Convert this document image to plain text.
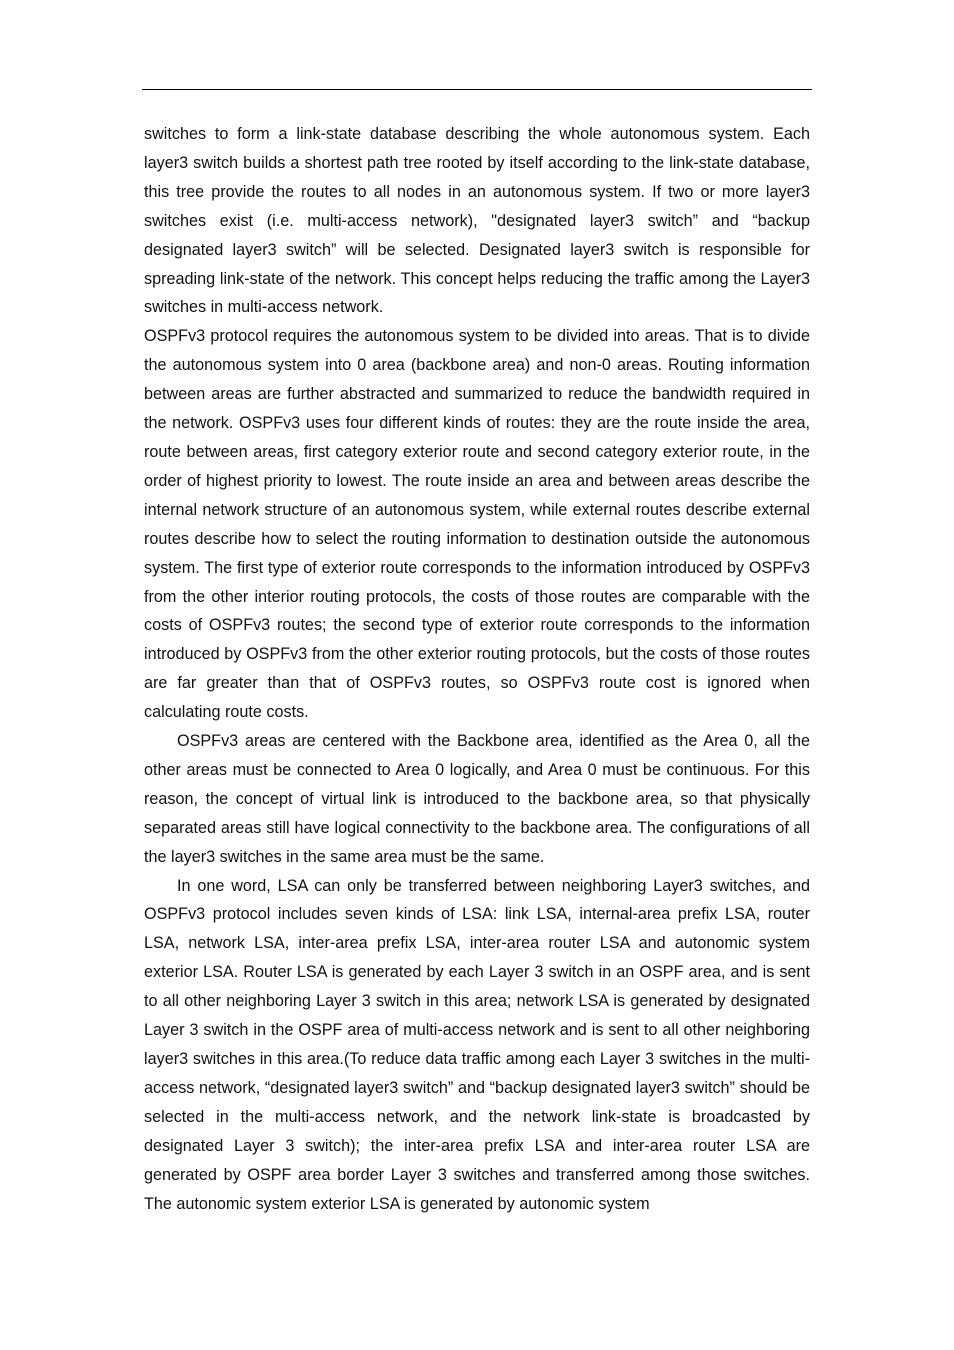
switches to form a link-state database describing the whole autonomous system. Each layer3 switch builds a shortest path tree rooted by itself according to the link-state database, this tree provide the routes to all nodes in an autonomous system. If two or more layer3 switches exist (i.e. multi-access network), "designated layer3 switch” and “backup designated layer3 switch” will be selected. Designated layer3 switch is responsible for spreading link-state of the network. This concept helps reducing the traffic among the Layer3 switches in multi-access network.

OSPFv3 protocol requires the autonomous system to be divided into areas. That is to divide the autonomous system into 0 area (backbone area) and non-0 areas. Routing information between areas are further abstracted and summarized to reduce the bandwidth required in the network. OSPFv3 uses four different kinds of routes: they are the route inside the area, route between areas, first category exterior route and second category exterior route, in the order of highest priority to lowest. The route inside an area and between areas describe the internal network structure of an autonomous system, while external routes describe external routes describe how to select the routing information to destination outside the autonomous system. The first type of exterior route corresponds to the information introduced by OSPFv3 from the other interior routing protocols, the costs of those routes are comparable with the costs of OSPFv3 routes; the second type of exterior route corresponds to the information introduced by OSPFv3 from the other exterior routing protocols, but the costs of those routes are far greater than that of OSPFv3 routes, so OSPFv3 route cost is ignored when calculating route costs.

OSPFv3 areas are centered with the Backbone area, identified as the Area 0, all the other areas must be connected to Area 0 logically, and Area 0 must be continuous. For this reason, the concept of virtual link is introduced to the backbone area, so that physically separated areas still have logical connectivity to the backbone area. The configurations of all the layer3 switches in the same area must be the same.

In one word, LSA can only be transferred between neighboring Layer3 switches, and OSPFv3 protocol includes seven kinds of LSA: link LSA, internal-area prefix LSA, router LSA, network LSA, inter-area prefix LSA, inter-area router LSA and autonomic system exterior LSA. Router LSA is generated by each Layer 3 switch in an OSPF area, and is sent to all other neighboring Layer 3 switch in this area; network LSA is generated by designated Layer 3 switch in the OSPF area of multi-access network and is sent to all other neighboring layer3 switches in this area.(To reduce data traffic among each Layer 3 switches in the multi-access network, “designated layer3 switch” and “backup designated layer3 switch” should be selected in the multi-access network, and the network link-state is broadcasted by designated Layer 3 switch); the inter-area prefix LSA and inter-area router LSA are generated by OSPF area border Layer 3 switches and transferred among those switches. The autonomic system exterior LSA is generated by autonomic system
